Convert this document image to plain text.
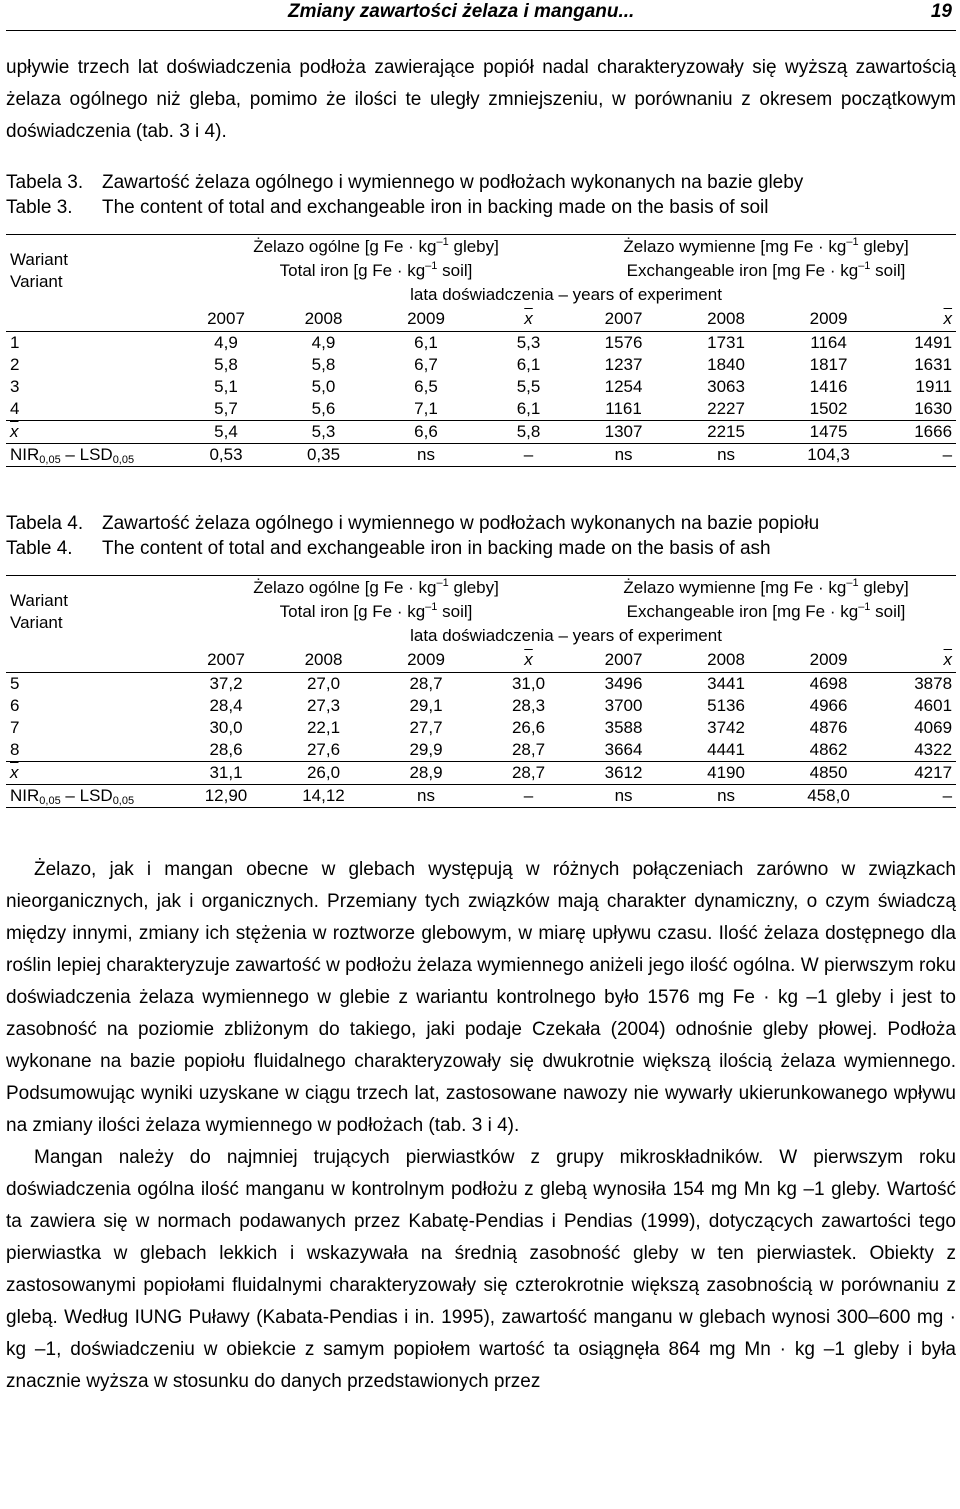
Zmiany zawartości żelaza i manganu...	19

upływie trzech lat doświadczenia podłoża zawierające popiół nadal charakteryzowały się wyższą zawartością żelaza ogólnego niż gleba, pomimo że ilości te uległy zmniejszeniu, w porównaniu z okresem początkowym doświadczenia (tab. 3 i 4).

Tabela 3. Zawartość żelaza ogólnego i wymiennego w podłożach wykonanych na bazie gleby

Table 3. The content of total and exchangeable iron in backing made on the basis of soil

Wariant
Variant	Żelazo ogólne [g $Fe \cdot kg^{-1}$ gleby]				Żelazo wymienne [mg $Fe \cdot kg^{-1}$ gleby]			
	Total iron [g $Fe \cdot kg^{-1}$ soil]				Exchangeable iron [mg $Fe \cdot kg^{-1}$ soil]			
	lata doświadczenia – years of experiment							
	2007	2008	2009	$\overline{x}$	2007	2008	2009	$\overline{x}$
1	4,9	4,9	6,1	5,3	1576	1731	1164	1491
2	5,8	5,8	6,7	6,1	1237	1840	1817	1631
3	5,1	5,0	6,5	5,5	1254	3063	1416	1911
4	5,7	5,6	7,1	6,1	1161	2227	1502	1630
$\overline{x}$	5,4	5,3	6,6	5,8	1307	2215	1475	1666
$NIR_{0,05} - LSD_{0,05}$	0,53	0,35	ns	–	ns	ns	104,3	–

Tabela 4. Zawartość żelaza ogólnego i wymiennego w podłożach wykonanych na bazie popiołu

Table 4. The content of total and exchangeable iron in backing made on the basis of ash

Wariant
Variant	Żelazo ogólne [g $Fe \cdot kg^{-1}$ gleby]				Żelazo wymienne [mg $Fe \cdot kg^{-1}$ gleby]			
	Total iron [g $Fe \cdot kg^{-1}$ soil]				Exchangeable iron [mg $Fe \cdot kg^{-1}$ soil]			
	lata doświadczenia – years of experiment							
	2007	2008	2009	$\overline{x}$	2007	2008	2009	$\overline{x}$
5	37,2	27,0	28,7	31,0	3496	3441	4698	3878
6	28,4	27,3	29,1	28,3	3700	5136	4966	4601
7	30,0	22,1	27,7	26,6	3588	3742	4876	4069
8	28,6	27,6	29,9	28,7	3664	4441	4862	4322
$\overline{x}$	31,1	26,0	28,9	28,7	3612	4190	4850	4217
$NIR_{0,05} - LSD_{0,05}$	12,90	14,12	ns	–	ns	ns	458,0	–

Żelazo, jak i mangan obecne w glebach występują w różnych połączeniach zarówno w związkach nieorganicznych, jak i organicznych. Przemiany tych związków mają charakter dynamiczny, o czym świadczą między innymi, zmiany ich stężenia w roztworze glebowym, w miarę upływu czasu. Ilość żelaza dostępnego dla roślin lepiej charakteryzuje zawartość w podłożu żelaza wymiennego aniżeli jego ilość ogólna. W pierwszym roku doświadczenia żelaza wymiennego w glebie z wariantu kontrolnego było 1576 mg Fe · kg –1 gleby i jest to zasobność na poziomie zbliżonym do takiego, jaki podaje Czekała (2004) odnośnie gleby płowej. Podłoża wykonane na bazie popiołu fluidalnego charakteryzowały się dwukrotnie większą ilością żelaza wymiennego. Podsumowując wyniki uzyskane w ciągu trzech lat, zastosowane nawozy nie wywarły ukierunkowanego wpływu na zmiany ilości żelaza wymiennego w podłożach (tab. 3 i 4).

Mangan należy do najmniej trujących pierwiastków z grupy mikroskładników. W pierwszym roku doświadczenia ogólna ilość manganu w kontrolnym podłożu z glebą wynosiła 154 mg Mn kg –1 gleby. Wartość ta zawiera się w normach podawanych przez Kabatę-Pendias i Pendias (1999), dotyczących zawartości tego pierwiastka w glebach lekkich i wskazywała na średnią zasobność gleby w ten pierwiastek. Obiekty z zastosowanymi popiołami fluidalnymi charakteryzowały się czterokrotnie większą zasobnością w porównaniu z glebą. Według IUNG Puławy (Kabata-Pendias i in. 1995), zawartość manganu w glebach wynosi 300–600 mg · kg –1, doświadczeniu w obiekcie z samym popiołem wartość ta osiągnęła 864 mg Mn · kg –1 gleby i była znacznie wyższa w stosunku do danych przedstawionych przez
